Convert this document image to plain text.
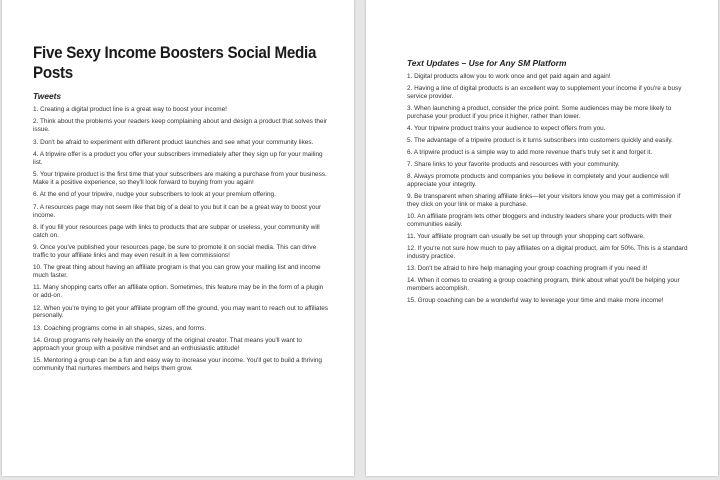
Five Sexy Income Boosters Social Media Posts
Tweets
1. Creating a digital product line is a great way to boost your income!
2. Think about the problems your readers keep complaining about and design a product that solves their issue.
3. Don't be afraid to experiment with different product launches and see what your community likes.
4. A tripwire offer is a product you offer your subscribers immediately after they sign up for your mailing list.
5. Your tripwire product is the first time that your subscribers are making a purchase from your business. Make it a positive experience, so they'll look forward to buying from you again!
6. At the end of your tripwire, nudge your subscribers to look at your premium offering.
7. A resources page may not seem like that big of a deal to you but it can be a great way to boost your income.
8. If you fill your resources page with links to products that are subpar or useless, your community will catch on.
9. Once you've published your resources page, be sure to promote it on social media. This can drive traffic to your affiliate links and may even result in a few commissions!
10. The great thing about having an affiliate program is that you can grow your mailing list and income much faster.
11. Many shopping carts offer an affiliate option. Sometimes, this feature may be in the form of a plugin or add-on.
12. When you're trying to get your affiliate program off the ground, you may want to reach out to affiliates personally.
13. Coaching programs come in all shapes, sizes, and forms.
14. Group programs rely heavily on the energy of the original creator. That means you'll want to approach your group with a positive mindset and an enthusiastic attitude!
15. Mentoring a group can be a fun and easy way to increase your income. You'll get to build a thriving community that nurtures members and helps them grow.
Text Updates – Use for Any SM Platform
1. Digital products allow you to work once and get paid again and again!
2. Having a line of digital products is an excellent way to supplement your income if you're a busy service provider.
3. When launching a product, consider the price point. Some audiences may be more likely to purchase your product if you price it higher, rather than lower.
4. Your tripwire product trains your audience to expect offers from you.
5. The advantage of a tripwire product is it turns subscribers into customers quickly and easily.
6. A tripwire product is a simple way to add more revenue that's truly set it and forget it.
7. Share links to your favorite products and resources with your community.
8. Always promote products and companies you believe in completely and your audience will appreciate your integrity.
9. Be transparent when sharing affiliate links—let your visitors know you may get a commission if they click on your link or make a purchase.
10. An affiliate program lets other bloggers and industry leaders share your products with their communities easily.
11. Your affiliate program can usually be set up through your shopping cart software.
12. If you're not sure how much to pay affiliates on a digital product, aim for 50%. This is a standard industry practice.
13. Don't be afraid to hire help managing your group coaching program if you need it!
14. When it comes to creating a group coaching program, think about what you'll be helping your members accomplish.
15. Group coaching can be a wonderful way to leverage your time and make more income!
